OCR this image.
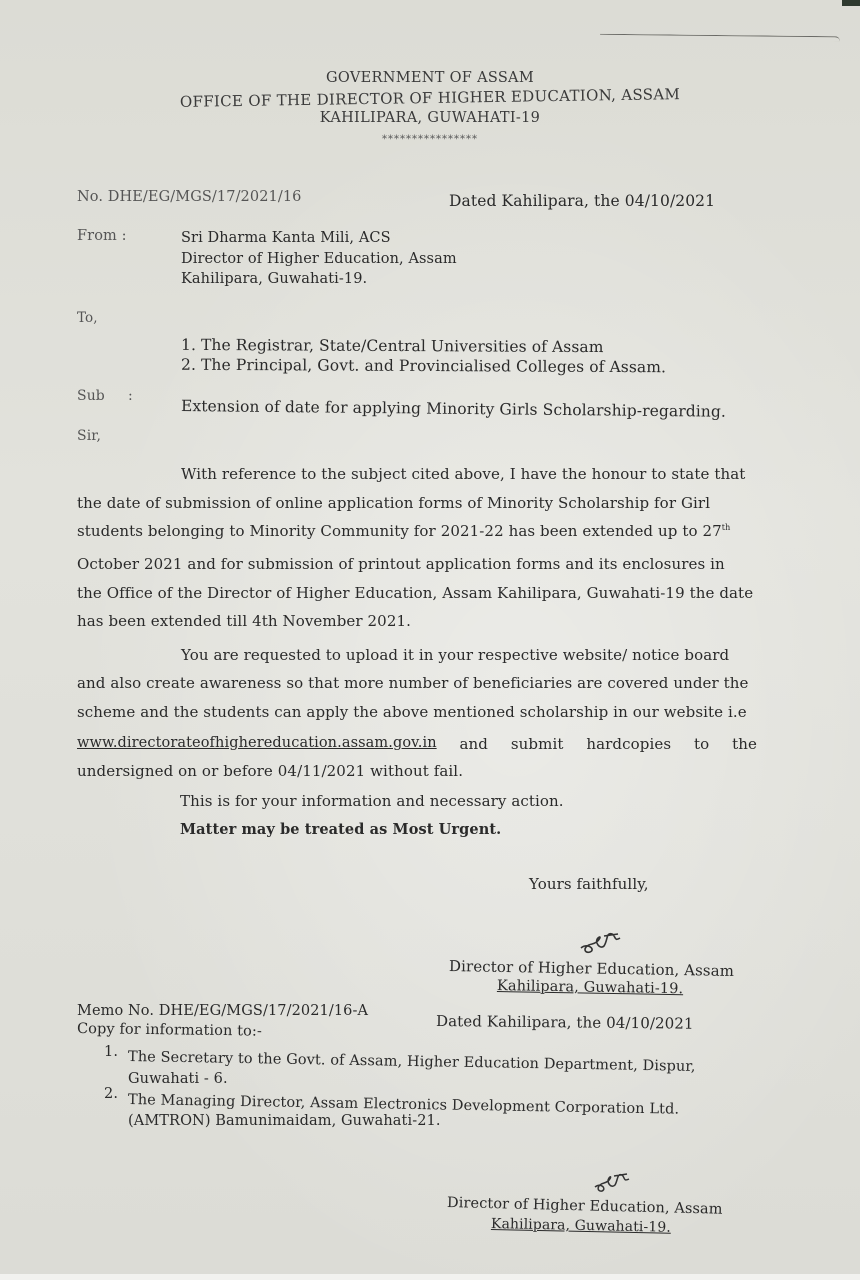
GOVERNMENT OF ASSAM
OFFICE OF THE DIRECTOR OF HIGHER EDUCATION, ASSAM
KAHILIPARA, GUWAHATI-19
****************
No. DHE/EG/MGS/17/2021/16	Dated Kahilipara, the 04/10/2021
From :	Sri Dharma Kanta Mili, ACS
Director of Higher Education, Assam
Kahilipara, Guwahati-19.
To,
1. The Registrar, State/Central Universities of Assam
2. The Principal, Govt. and Provincialised Colleges of Assam.
Sub :
Extension of date for applying Minority Girls Scholarship-regarding.
Sir,
With reference to the subject cited above, I have the honour to state that
the date of submission of online application forms of Minority Scholarship for Girl
students belonging to Minority Community for 2021-22 has been extended up to 27th
October 2021 and for submission of printout application forms and its enclosures in
the Office of the Director of Higher Education, Assam Kahilipara, Guwahati-19 the date
has been extended till 4th November 2021.
You are requested to upload it in your respective website/ notice board
and also create awareness so that more number of beneficiaries are covered under the
scheme and the students can apply the above mentioned scholarship in our website i.e
www.directorateofhighereducation.assam.gov.in and submit hardcopies to the
undersigned on or before 04/11/2021 without fail.
This is for your information and necessary action.
Matter may be treated as Most Urgent.
Yours faithfully,
Director of Higher Education, Assam
Kahilipara, Guwahati-19.
Memo No. DHE/EG/MGS/17/2021/16-A
Dated Kahilipara, the 04/10/2021
Copy for information to:-
1. The Secretary to the Govt. of Assam, Higher Education Department, Dispur,
Guwahati - 6.
2. The Managing Director, Assam Electronics Development Corporation Ltd.
(AMTRON) Bamunimaidam, Guwahati-21.
Director of Higher Education, Assam
Kahilipara, Guwahati-19.
